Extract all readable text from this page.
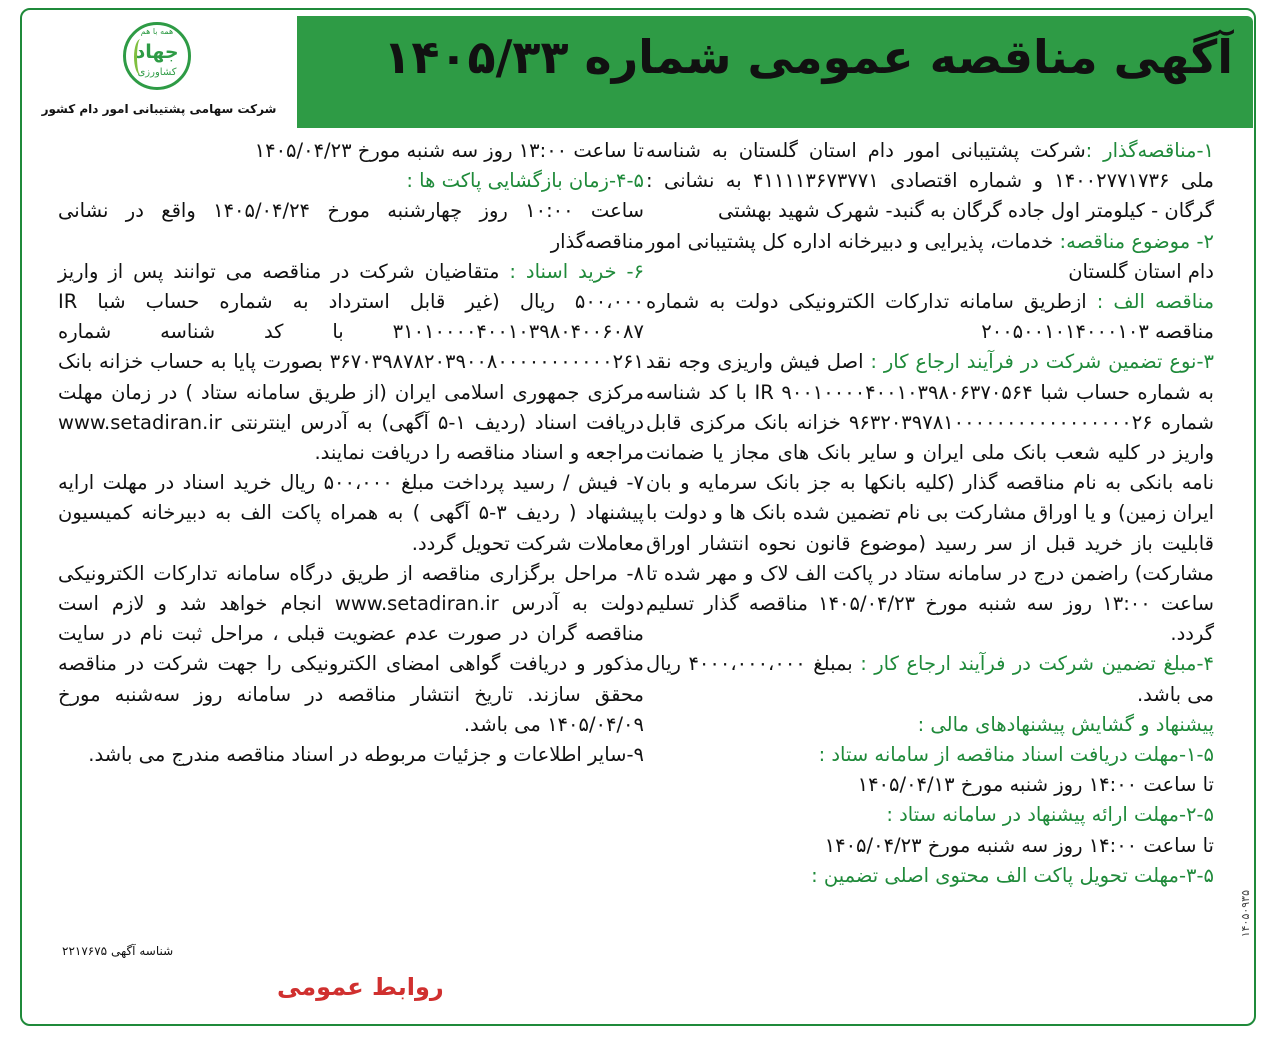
همه با هم
جهاد
کشاورزی
شرکت سهامی پشتیبانی امور دام کشور
آگهی مناقصه عمومی شماره ۱۴۰۵/۳۳

۱-مناقصه‌گذار :شرکت پشتیبانی امور دام استان گلستان به شناسه ملی ۱۴۰۰۲۷۷۱۷۳۶ و شماره اقتصادی ۴۱۱۱۱۳۶۷۳۷۷۱ به نشانی : گرگان - کیلومتر اول جاده گرگان به گنبد- شهرک شهید بهشتی

۲- موضوع مناقصه: خدمات، پذیرایی و دبیرخانه اداره کل پشتیبانی امور دام استان گلستان

مناقصه الف : ازطریق سامانه تدارکات الکترونیکی دولت به شماره مناقصه ۲۰۰۵۰۰۱۰۱۴۰۰۰۱۰۳

۳-نوع تضمین شرکت در فرآیند ارجاع کار : اصل فیش واریزی وجه نقد به شماره حساب شبا IR ۹۰۰۱۰۰۰۰۴۰۰۱۰۳۹۸۰۶۳۷۰۵۶۴ با کد شناسه شماره ۹۶۳۲۰۳۹۷۸۱۰۰۰۰۰۰۰۰۰۰۰۰۰۰۰۰۰۲۶ خزانه بانک مرکزی قابل واریز در کلیه شعب بانک ملی ایران و سایر بانک های مجاز یا ضمانت نامه بانکی به نام مناقصه گذار (کلیه بانکها به جز بانک سرمایه و بان ایران زمین) و یا اوراق مشارکت بی نام تضمین شده بانک ها و دولت با قابلیت باز خرید قبل از سر رسید (موضوع قانون نحوه انتشار اوراق مشارکت) راضمن درج در سامانه ستاد در پاکت الف لاک و مهر شده تا ساعت ۱۳:۰۰ روز سه شنبه مورخ ۱۴۰۵/۰۴/۲۳ مناقصه گذار تسلیم گردد.

۴-مبلغ تضمین شرکت در فرآیند ارجاع کار : بمبلغ ۴۰۰۰،۰۰۰،۰۰۰ ریال می باشد.

پیشنهاد و گشایش پیشنهادهای مالی :

۱-۵-مهلت دریافت اسناد مناقصه از سامانه ستاد :

تا ساعت ۱۴:۰۰ روز شنبه مورخ ۱۴۰۵/۰۴/۱۳

۲-۵-مهلت ارائه پیشنهاد در سامانه ستاد :

تا ساعت ۱۴:۰۰ روز سه شنبه مورخ ۱۴۰۵/۰۴/۲۳

۳-۵-مهلت تحویل پاکت الف محتوی اصلی تضمین :

تا ساعت ۱۳:۰۰ روز سه شنبه مورخ ۱۴۰۵/۰۴/۲۳

۴-۵-زمان بازگشایی پاکت ها :

ساعت ۱۰:۰۰ روز چهارشنبه مورخ ۱۴۰۵/۰۴/۲۴ واقع در نشانی مناقصه‌گذار

۶- خرید اسناد : متقاضیان شرکت در مناقصه می توانند پس از واریز ۵۰۰،۰۰۰ ریال (غیر قابل استرداد به شماره حساب شبا IR ۳۱۰۱۰۰۰۰۴۰۰۱۰۳۹۸۰۴۰۰۶۰۸۷ با کد شناسه شماره ۳۶۷۰۳۹۸۷۸۲۰۳۹۰۰۸۰۰۰۰۰۰۰۰۰۰۰۲۶۱ بصورت پایا به حساب خزانه بانک مرکزی جمهوری اسلامی ایران (از طریق سامانه ستاد ) در زمان مهلت دریافت اسناد (ردیف ۱-۵ آگهی) به آدرس اینترنتی www.setadiran.ir مراجعه و اسناد مناقصه را دریافت نمایند.

۷- فیش / رسید پرداخت مبلغ ۵۰۰،۰۰۰ ریال خرید اسناد در مهلت ارایه پیشنهاد ( ردیف ۳-۵ آگهی ) به همراه پاکت الف به دبیرخانه کمیسیون معاملات شرکت تحویل گردد.

۸- مراحل برگزاری مناقصه از طریق درگاه سامانه تدارکات الکترونیکی دولت به آدرس www.setadiran.ir انجام خواهد شد و لازم است مناقصه گران در صورت عدم عضویت قبلی ، مراحل ثبت نام در سایت مذکور و دریافت گواهی امضای الکترونیکی را جهت شرکت در مناقصه محقق سازند. تاریخ انتشار مناقصه در سامانه روز سه‌شنبه مورخ ۱۴۰۵/۰۴/۰۹ می باشد.

۹-سایر اطلاعات و جزئیات مربوطه در اسناد مناقصه مندرج می باشد.

شناسه آگهی ۲۲۱۷۶۷۵
روابط عمومی
۱۴۰۵۰۹۳۵
